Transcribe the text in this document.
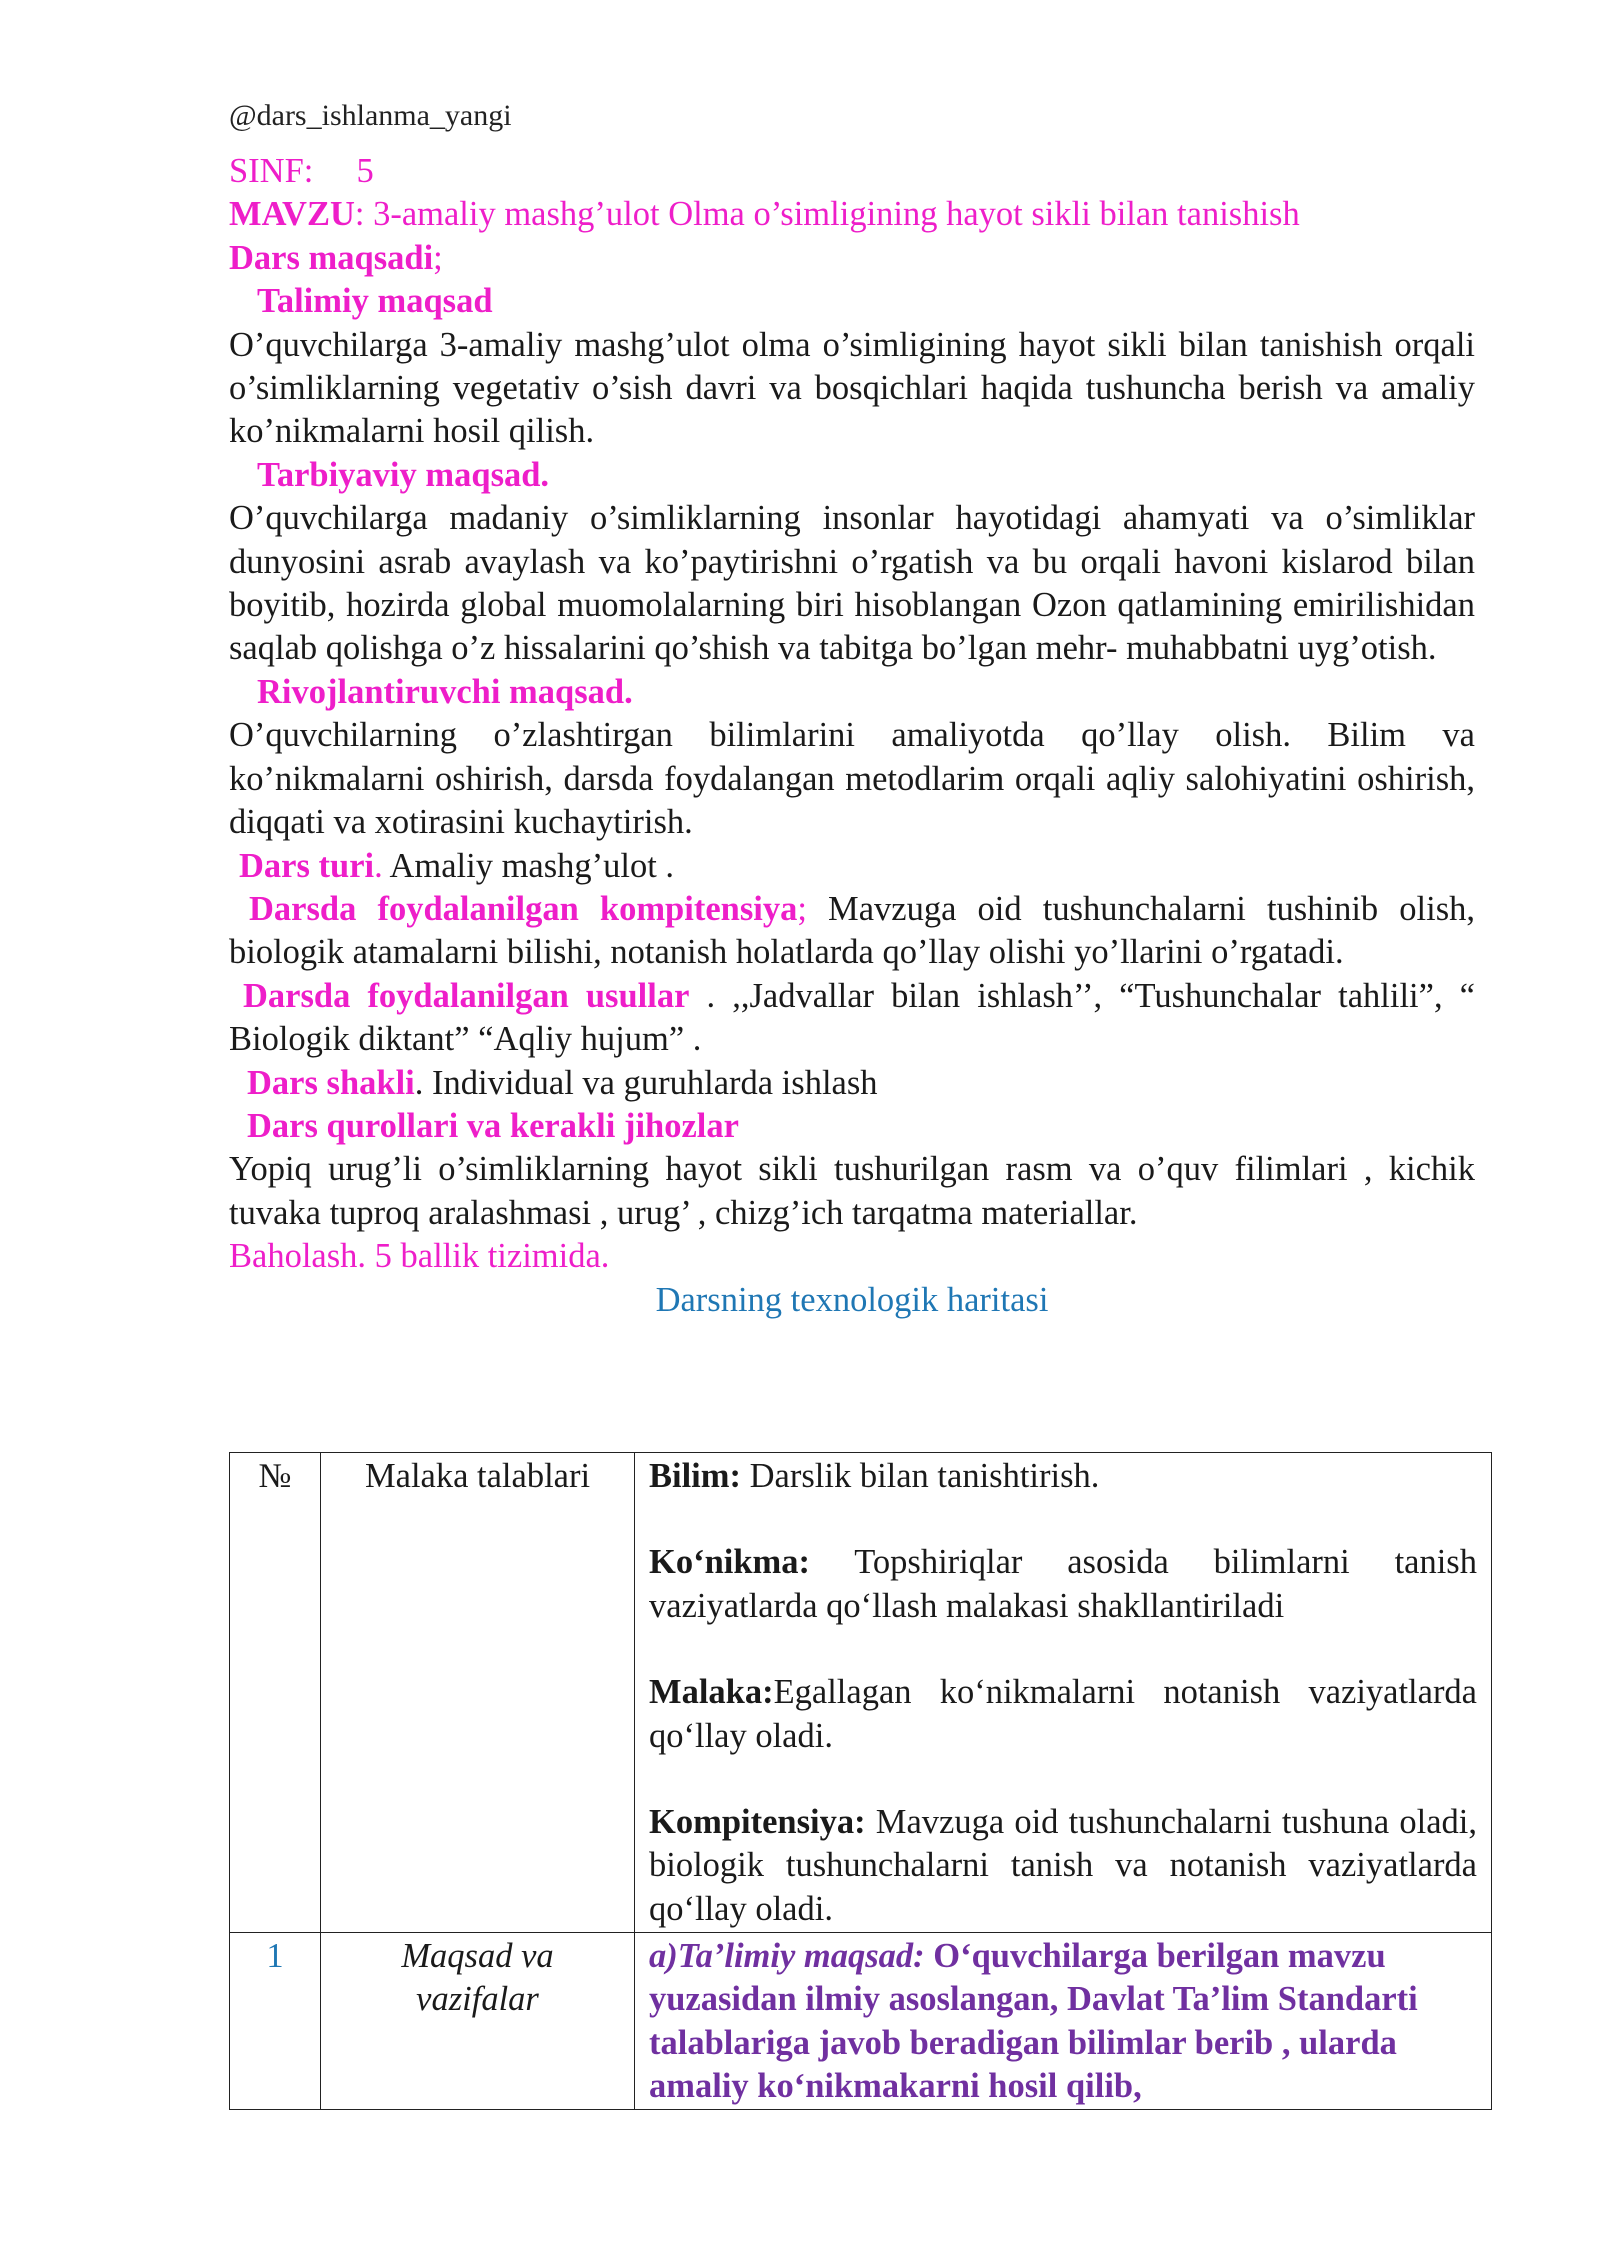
@dars_ishlanma_yangi

SINF: 5

MAVZU: 3-amaliy mashg’ulot Olma o’simligining hayot sikli bilan tanishish

Dars maqsadi;

Talimiy maqsad

O’quvchilarga 3-amaliy mashg’ulot olma o’simligining hayot sikli bilan tanishish orqali o’simliklarning vegetativ o’sish davri va bosqichlari haqida tushuncha berish va amaliy ko’nikmalarni hosil qilish.

Tarbiyaviy maqsad.

O’quvchilarga madaniy o’simliklarning insonlar hayotidagi ahamyati va o’simliklar dunyosini asrab avaylash va ko’paytirishni o’rgatish va bu orqali havoni kislarod bilan boyitib, hozirda global muomolalarning biri hisoblangan Ozon qatlamining emirilishidan saqlab qolishga o’z hissalarini qo’shish va tabitga bo’lgan mehr- muhabbatni uyg’otish.

Rivojlantiruvchi maqsad.

O’quvchilarning o’zlashtirgan bilimlarini amaliyotda qo’llay olish. Bilim va ko’nikmalarni oshirish, darsda foydalangan metodlarim orqali aqliy salohiyatini oshirish, diqqati va xotirasini kuchaytirish.

Dars turi. Amaliy mashg’ulot .

Darsda foydalanilgan kompitensiya; Mavzuga oid tushunchalarni tushinib olish, biologik atamalarni bilishi, notanish holatlarda qo’llay olishi yo’llarini o’rgatadi.

Darsda foydalanilgan usullar . ,,Jadvallar bilan ishlash’’, “Tushunchalar tahlili”, “ Biologik diktant” “Aqliy hujum” .

Dars shakli. Individual va guruhlarda ishlash

Dars qurollari va kerakli jihozlar

Yopiq urug’li o’simliklarning hayot sikli tushurilgan rasm va o’quv filimlari , kichik tuvaka tuproq aralashmasi , urug’ , chizg’ich tarqatma materiallar.

Baholash. 5 ballik tizimida.

Darsning texnologik haritasi

№	Malaka talablari	Bilim: Darslik bilan tanishtirish.
Ko‘nikma: Topshiriqlar asosida bilimlarni tanish vaziyatlarda qo‘llash malakasi shakllantiriladi
Malaka:Egallagan ko‘nikmalarni notanish vaziyatlarda qo‘llay oladi.
Kompitensiya: Mavzuga oid tushunchalarni tushuna oladi, biologik tushunchalarni tanish va notanish vaziyatlarda qo‘llay oladi.

1	Maqsad va vazifalar	a)Ta’limiy maqsad: O‘quvchilarga berilgan mavzu yuzasidan ilmiy asoslangan, Davlat Ta’lim Standarti talablariga javob beradigan bilimlar berib , ularda amaliy ko‘nikmakarni hosil qilib,
